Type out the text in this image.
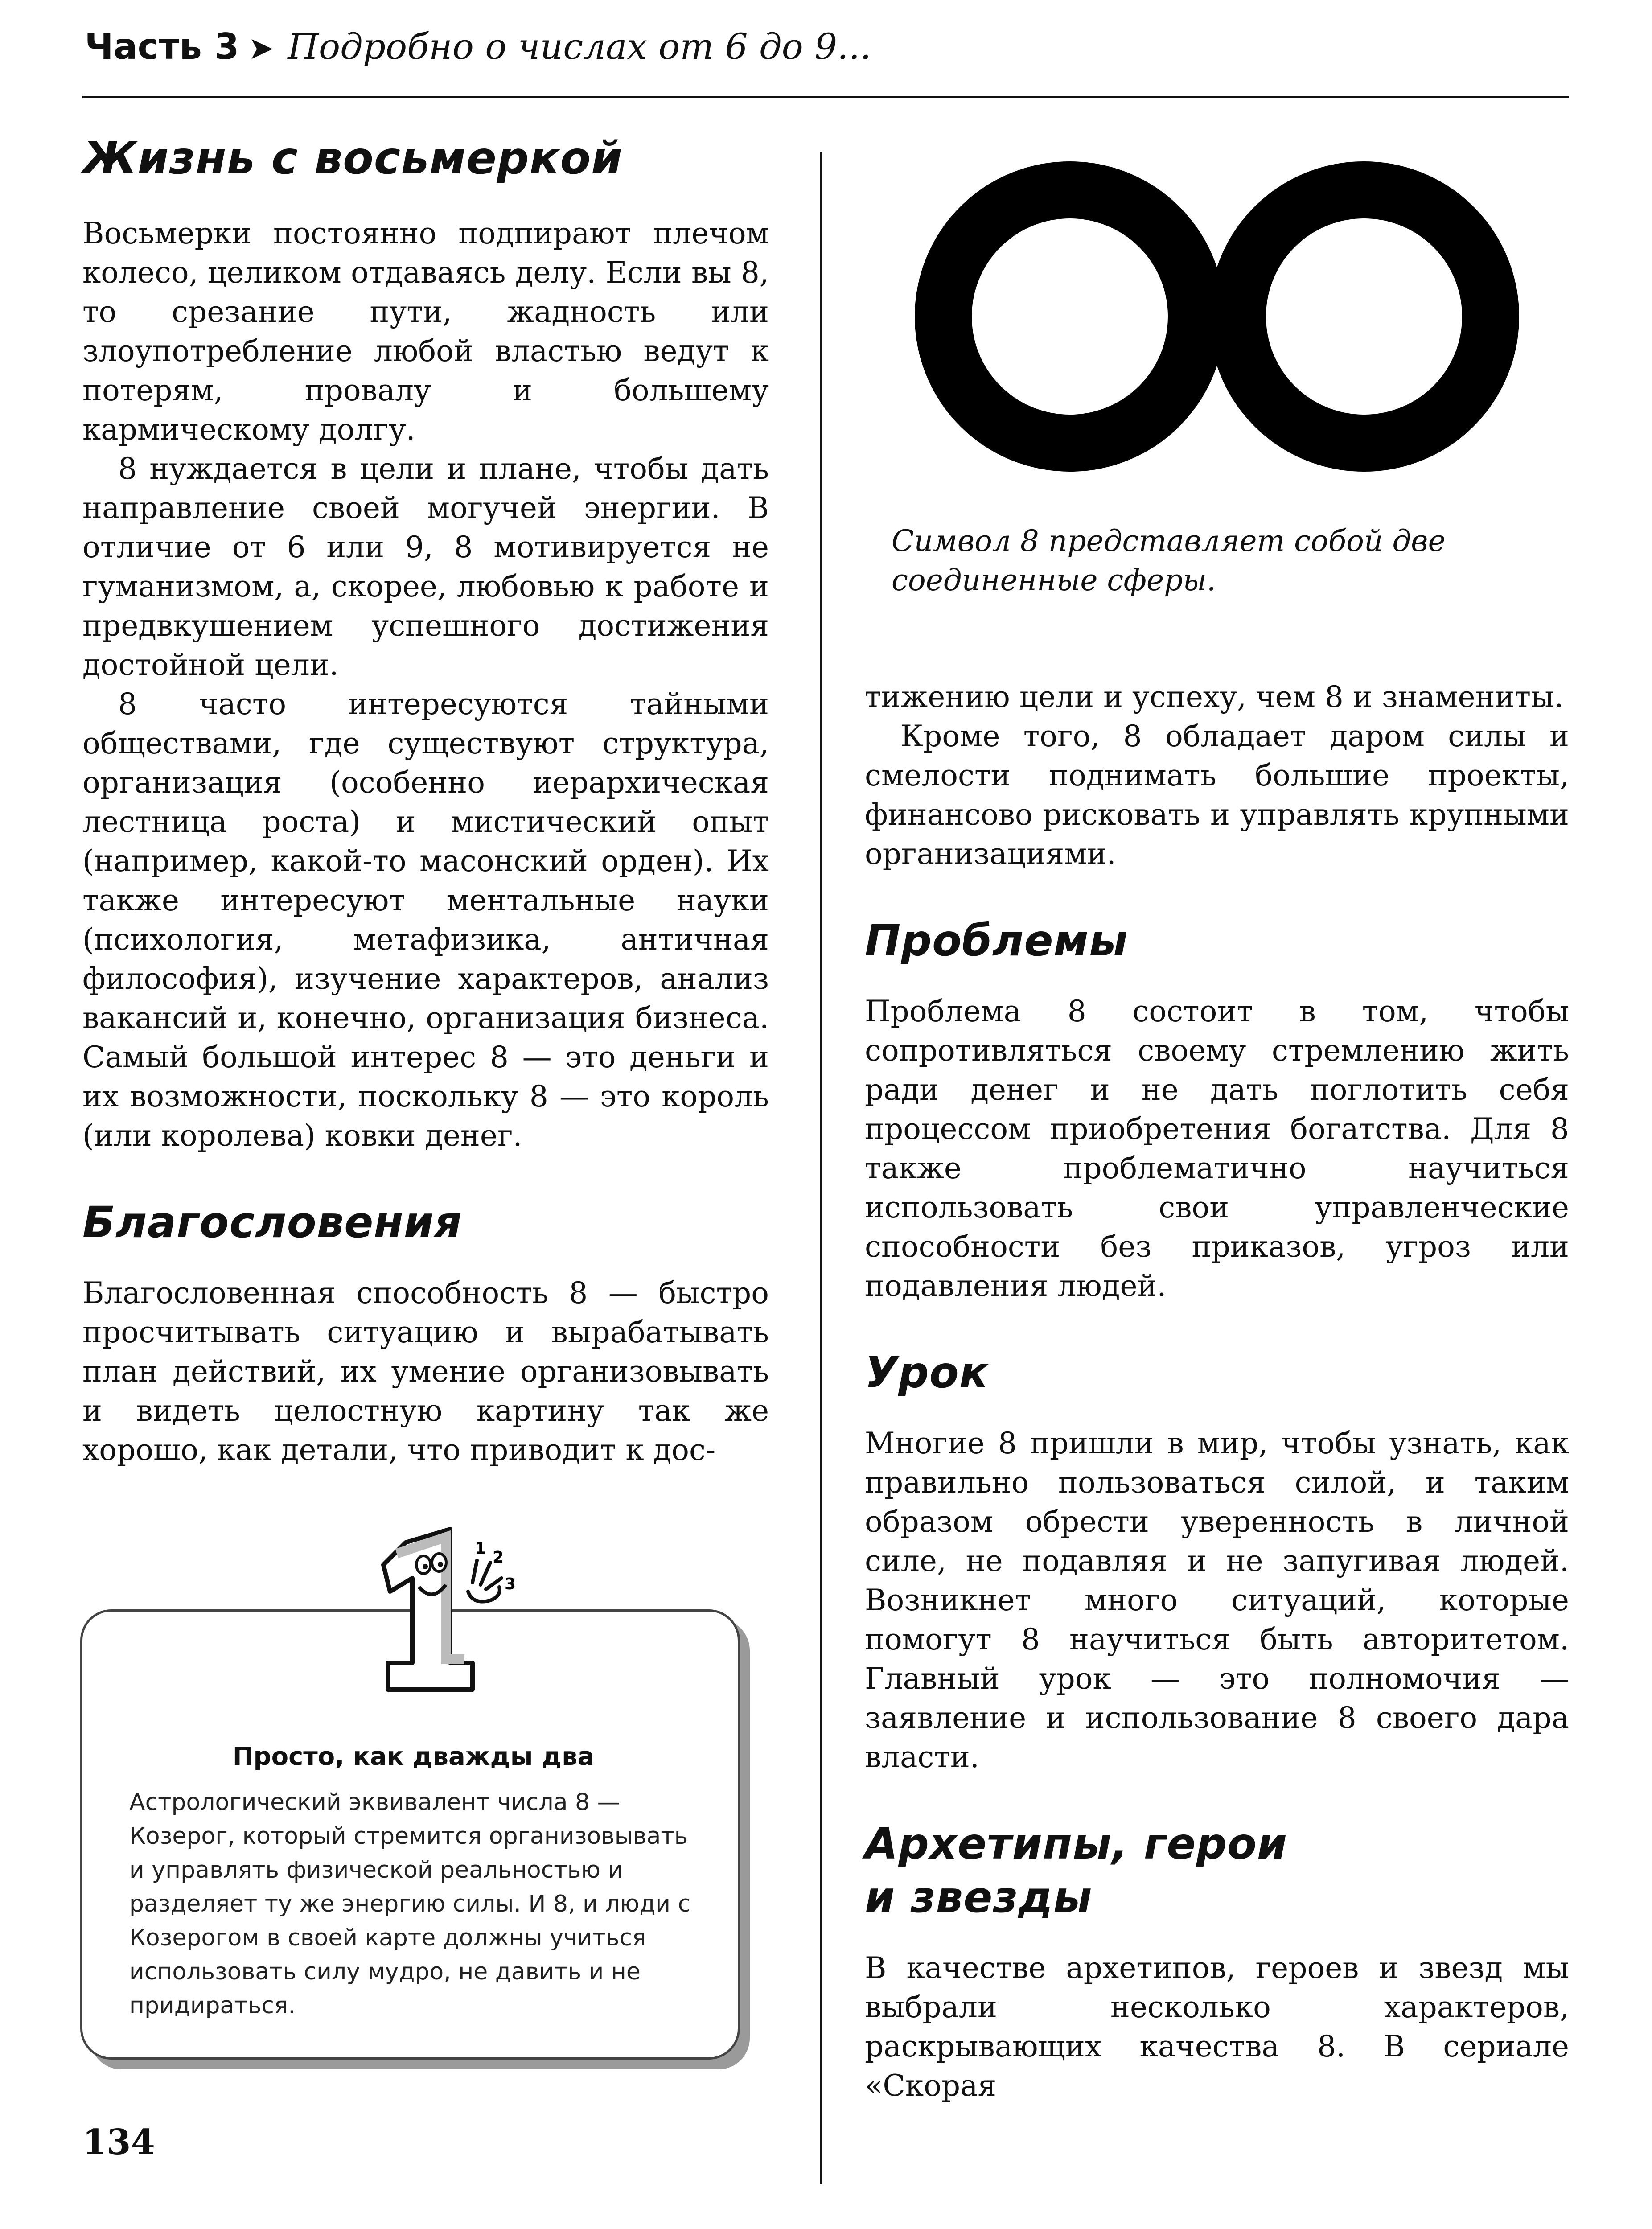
Часть 3 ➤ Подробно о числах от 6 до 9...
Символ 8 представляет собой две соединенные сферы.
Жизнь с восьмеркой

Восьмерки постоянно подпирают плечом колесо, целиком отдаваясь делу. Если вы 8, то срезание пути, жадность или злоупотребление любой властью ведут к потерям, провалу и большему кармическому долгу.

8 нуждается в цели и плане, чтобы дать направление своей могучей энергии. В отличие от 6 или 9, 8 мотивируется не гуманизмом, а, скорее, любовью к работе и предвкушением успешного достижения достойной цели.

8 часто интересуются тайными обществами, где существуют структура, организация (особенно иерархическая лестница роста) и мистический опыт (например, какой-то масонский орден). Их также интересуют ментальные науки (психология, метафизика, античная философия), изучение характеров, анализ вакансий и, конечно, организация бизнеса. Самый большой интерес 8 — это деньги и их возможности, поскольку 8 — это король (или королева) ковки денег.

Благословения

Благословенная способность 8 — быстро просчитывать ситуацию и вырабатывать план действий, их умение организовывать и видеть целостную картину так же хорошо, как детали, что приводит к дос-

Просто, как дважды два

Астрологический эквивалент числа 8 — Козерог, который стремится организовывать и управлять физической реальностью и разделяет ту же энергию силы. И 8, и люди с Козерогом в своей карте должны учиться использовать силу мудро, не давить и не придираться.

1 2
3

тижению цели и успеху, чем 8 и знамениты.

Кроме того, 8 обладает даром силы и смелости поднимать большие проекты, финансово рисковать и управлять крупными организациями.

Проблемы

Проблема 8 состоит в том, чтобы сопротивляться своему стремлению жить ради денег и не дать поглотить себя процессом приобретения богатства. Для 8 также проблематично научиться использовать свои управленческие способности без приказов, угроз или подавления людей.

Урок

Многие 8 пришли в мир, чтобы узнать, как правильно пользоваться силой, и таким образом обрести уверенность в личной силе, не подавляя и не запугивая людей. Возникнет много ситуаций, которые помогут 8 научиться быть авторитетом. Главный урок — это полномочия — заявление и использование 8 своего дара власти.

Архетипы, герои
и звезды

В качестве архетипов, героев и звезд мы выбрали несколько характеров, раскрывающих качества 8. В сериале «Скорая

134
